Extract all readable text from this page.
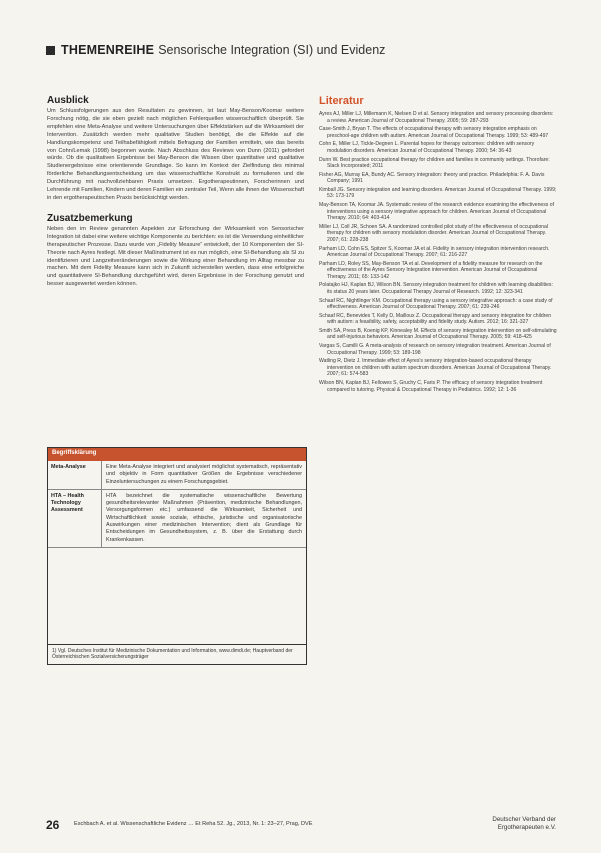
THEMENREIHE Sensorische Integration (SI) und Evidenz
Ausblick

Um Schlussfolgerungen aus den Resultaten zu gewinnen, ist laut May-Benson/Koomar weitere Forschung nötig, die sie eben gezielt nach möglichen Fehlerquellen wissenschaftlich überprüft. Sie empfehlen eine Meta-Analyse und weitere Untersuchungen über Effektstärken auf die Wirksamkeit der Intervention. Zusätzlich werden mehr qualitative Studien benötigt, die die Effekte auf die Handlungskompetenz und Teilhabefähigkeit mittels Befragung der Familien ermitteln, wie das bereits von Cohn/Lemak (1998) begonnen wurde. Nach Abschluss des Reviews von Dunn (2011) gefordert würde. Ob die qualitativen Ergebnisse bei May-Benson die Wissen über quantitative und qualitative Studienergebnisse eine orientierende Grundlage. So kann im Kontext der Zielfindung des minimal förderliche Behandlungsentscheidung um das wissenschaftliche Konstrukt zu formulieren und die Durchführung mit nachvollziehbaren Praxis umsetzen. Ergotherapeutinnen, Forscherinnen und Lehrende mit Familien, Kindern und deren Familien ein zentraler Teil, Wenn alle ihnen der Wissenschaft in den ergotherapeutischen Praxis berücksichtigt werden.

Zusatzbemerkung

Neben den im Review genannten Aspekten zur Erforschung der Wirksamkeit von Sensorischer Integration ist dabei eine weitere wichtige Komponente zu berichten: es ist die Verwendung einheitlicher therapeutischer Prozesse. Dazu wurde von „Fidelity Measure“ entwickelt, der 10 Komponenten der SI-Theorie nach Ayres festlegt. Mit dieser Maßinstrument ist es nun möglich, eine SI-Behandlung als SI zu identifizieren und Langzeitveränderungen sowie die Wirkung einer Behandlung im Alltag messbar zu machen. Mit dem Fidelity Measure kann sich in Zukunft sicherstellen werden, dass eine erfolgreiche und quantitativere SI-Behandlung durchgeführt wird, deren Ergebnisse in der Forschung genutzt und besser ausgewertet werden können.

Begriffsklärung
Meta-Analyse	Eine Meta-Analyse integriert und analysiert möglichst systematisch, repräsentativ und objektiv in Form quantitativer Größen die Ergebnisse verschiedener Einzeluntersuchungen zu einem Forschungsgebiet.
HTA – Health Technology Assessment
HTA bezeichnet die systematische wissenschaftliche Bewertung gesundheitsrelevanter Maßnahmen (Prävention, medizinische Behandlungen, Versorgungsformen etc.) umfassend die Wirksamkeit, Sicherheit und Wirtschaftlichkeit sowie soziale, ethische, juristische und organisatorische Auswirkungen einer medizinischen Intervention; dient als Grundlage für Entscheidungen im Gesundheitssystem, z. B. über die Erstattung durch Krankenkassen.
1) Vgl. Deutsches Institut für Medizinische Dokumentation und Information, www.dimdi.de; Hauptverband der Österreichischen Sozialversicherungsträger
Literatur

Ayres AJ, Miller LJ, Millemann K, Nielsen D et al. Sensory integration and sensory processing disorders: a review. American Journal of Occupational Therapy. 2005; 59: 287-293

Case-Smith J, Bryan T. The effects of occupational therapy with sensory integration emphasis on preschool-age children with autism. American Journal of Occupational Therapy. 1999; 53: 489-497

Cohn E, Miller LJ, Tickle-Degnen L. Parental hopes for therapy outcomes: children with sensory modulation disorders. American Journal of Occupational Therapy. 2000; 54: 36-43

Dunn W. Best practice occupational therapy for children and families in community settings. Thorofare: Slack Incorporated; 2011

Fisher AG, Murray EA, Bundy AC. Sensory integration: theory and practice. Philadelphia: F. A. Davis Company; 1991

Kimball JG. Sensory integration and learning disorders. American Journal of Occupational Therapy. 1999; 53: 173-179

May-Benson TA, Koomar JA. Systematic review of the research evidence examining the effectiveness of interventions using a sensory integrative approach for children. American Journal of Occupational Therapy. 2010; 64: 403-414

Miller LJ, Coll JR, Schoen SA. A randomized controlled pilot study of the effectiveness of occupational therapy for children with sensory modulation disorder. American Journal of Occupational Therapy. 2007; 61: 228-238

Parham LD, Cohn ES, Spitzer S, Koomar JA et al. Fidelity in sensory integration intervention research. American Journal of Occupational Therapy. 2007; 61: 216-227

Parham LD, Roley SS, May-Benson TA et al. Development of a fidelity measure for research on the effectiveness of the Ayres Sensory Integration intervention. American Journal of Occupational Therapy. 2011; 65: 133-142

Polatajko HJ, Kaplan BJ, Wilson BN. Sensory integration treatment for children with learning disabilities: its status 20 years later. Occupational Therapy Journal of Research. 1992; 12: 323-341

Schaaf RC, Nightlinger KM. Occupational therapy using a sensory integrative approach: a case study of effectiveness. American Journal of Occupational Therapy. 2007; 61: 239-246

Schaaf RC, Benevides T, Kelly D, Mailloux Z. Occupational therapy and sensory integration for children with autism: a feasibility, safety, acceptability and fidelity study. Autism. 2012; 16: 321-327

Smith SA, Press B, Koenig KP, Kinnealey M. Effects of sensory integration intervention on self-stimulating and self-injurious behaviors. American Journal of Occupational Therapy. 2005; 59: 418-425

Vargas S, Camilli G. A meta-analysis of research on sensory integration treatment. American Journal of Occupational Therapy. 1999; 53: 189-198

Watling R, Dietz J. Immediate effect of Ayres's sensory integration-based occupational therapy intervention on children with autism spectrum disorders. American Journal of Occupational Therapy. 2007; 61: 574-583

Wilson BN, Kaplan BJ, Fellowes S, Gruchy C, Faris P. The efficacy of sensory integration treatment compared to tutoring. Physical & Occupational Therapy in Pediatrics. 1992; 12: 1-36

26	Eschbach A. et al. Wissenschaftliche Evidenz … Et Reha 52. Jg., 2013, Nr. 1: 23–27, Prag, DVE
Deutscher Verband der
Ergotherapeuten e.V.
